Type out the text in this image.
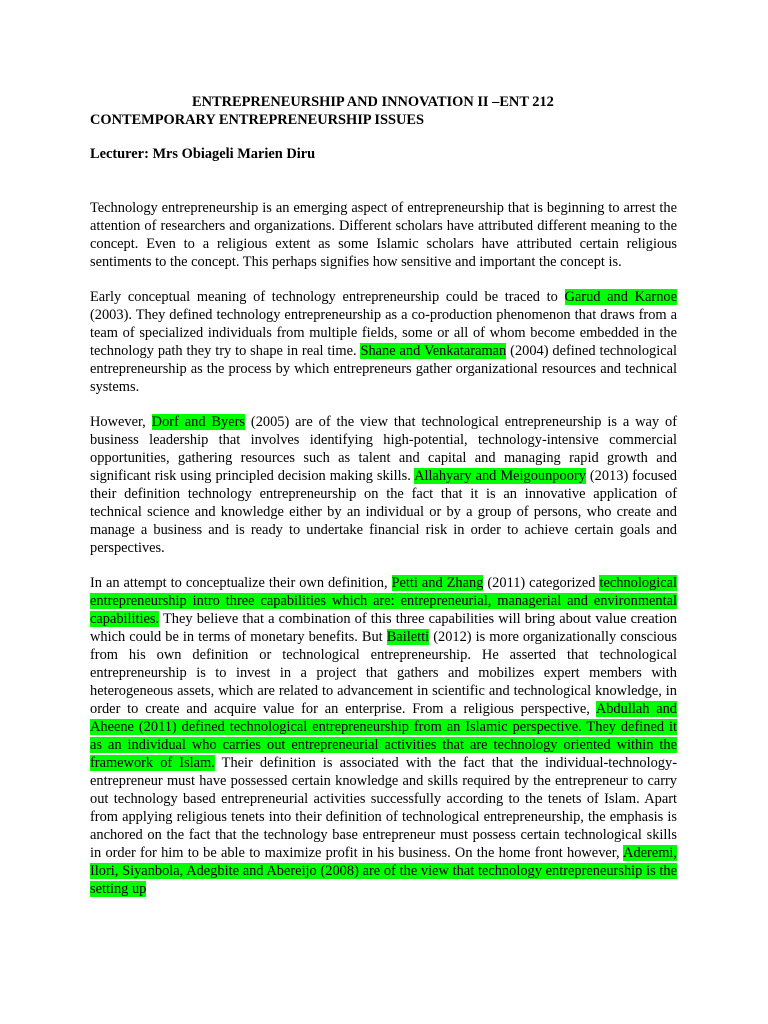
ENTREPRENEURSHIP AND INNOVATION II –ENT 212
CONTEMPORARY ENTREPRENEURSHIP ISSUES
Lecturer: Mrs Obiageli Marien Diru

Technology entrepreneurship is an emerging aspect of entrepreneurship that is beginning to arrest the attention of researchers and organizations. Different scholars have attributed different meaning to the concept. Even to a religious extent as some Islamic scholars have attributed certain religious sentiments to the concept. This perhaps signifies how sensitive and important the concept is.

Early conceptual meaning of technology entrepreneurship could be traced to Garud and Karnoe (2003). They defined technology entrepreneurship as a co-production phenomenon that draws from a team of specialized individuals from multiple fields, some or all of whom become embedded in the technology path they try to shape in real time. Shane and Venkataraman (2004) defined technological entrepreneurship as the process by which entrepreneurs gather organizational resources and technical systems.

However, Dorf and Byers (2005) are of the view that technological entrepreneurship is a way of business leadership that involves identifying high-potential, technology-intensive commercial opportunities, gathering resources such as talent and capital and managing rapid growth and significant risk using principled decision making skills. Allahyary and Meigounpoory (2013) focused their definition technology entrepreneurship on the fact that it is an innovative application of technical science and knowledge either by an individual or by a group of persons, who create and manage a business and is ready to undertake financial risk in order to achieve certain goals and perspectives.

In an attempt to conceptualize their own definition, Petti and Zhang (2011) categorized technological entrepreneurship intro three capabilities which are: entrepreneurial, managerial and environmental capabilities. They believe that a combination of this three capabilities will bring about value creation which could be in terms of monetary benefits. But Bailetti (2012) is more organizationally conscious from his own definition or technological entrepreneurship. He asserted that technological entrepreneurship is to invest in a project that gathers and mobilizes expert members with heterogeneous assets, which are related to advancement in scientific and technological knowledge, in order to create and acquire value for an enterprise. From a religious perspective, Abdullah and Aheene (2011) defined technological entrepreneurship from an Islamic perspective. They defined it as an individual who carries out entrepreneurial activities that are technology oriented within the framework of Islam. Their definition is associated with the fact that the individual-technology-entrepreneur must have possessed certain knowledge and skills required by the entrepreneur to carry out technology based entrepreneurial activities successfully according to the tenets of Islam. Apart from applying religious tenets into their definition of technological entrepreneurship, the emphasis is anchored on the fact that the technology base entrepreneur must possess certain technological skills in order for him to be able to maximize profit in his business. On the home front however, Aderemi, Ilori, Siyanbola, Adegbite and Abereijo (2008) are of the view that technology entrepreneurship is the setting up
